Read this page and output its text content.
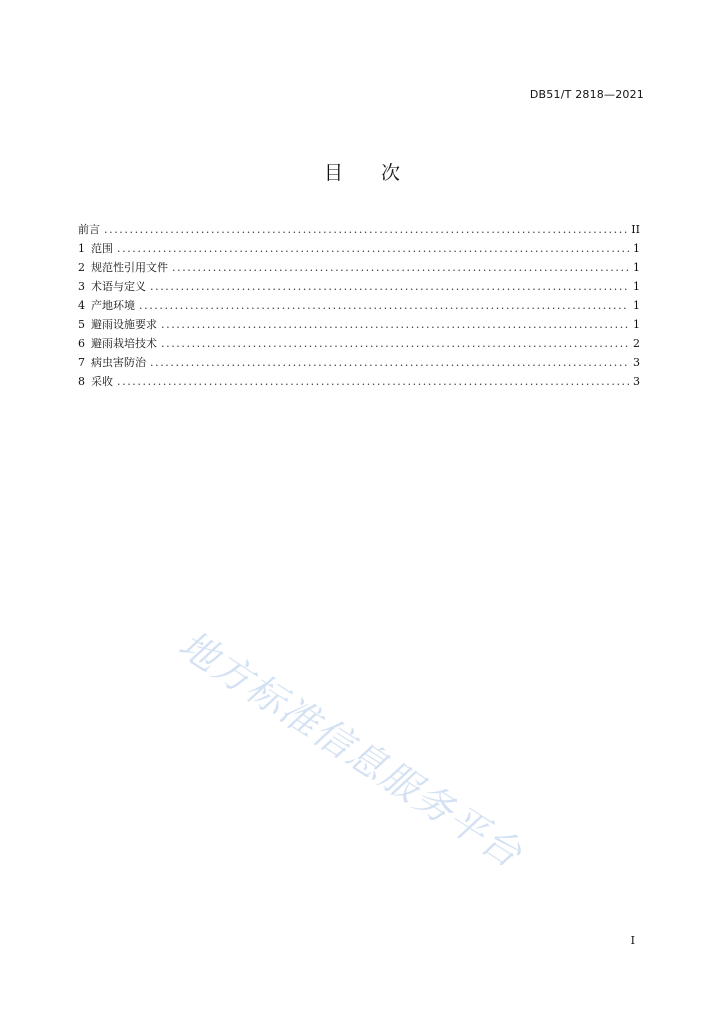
DB51/T 2818—2021
目 次
前言 .....	II
1 范围 .....	1
2 规范性引用文件 .....	1
3 术语与定义 .....	1
4 产地环境 .....	1
5 避雨设施要求 .....	1
6 避雨栽培技术 .....	2
7 病虫害防治 .....	3
8 采收 .....	3
地方标准信息服务平台
I
